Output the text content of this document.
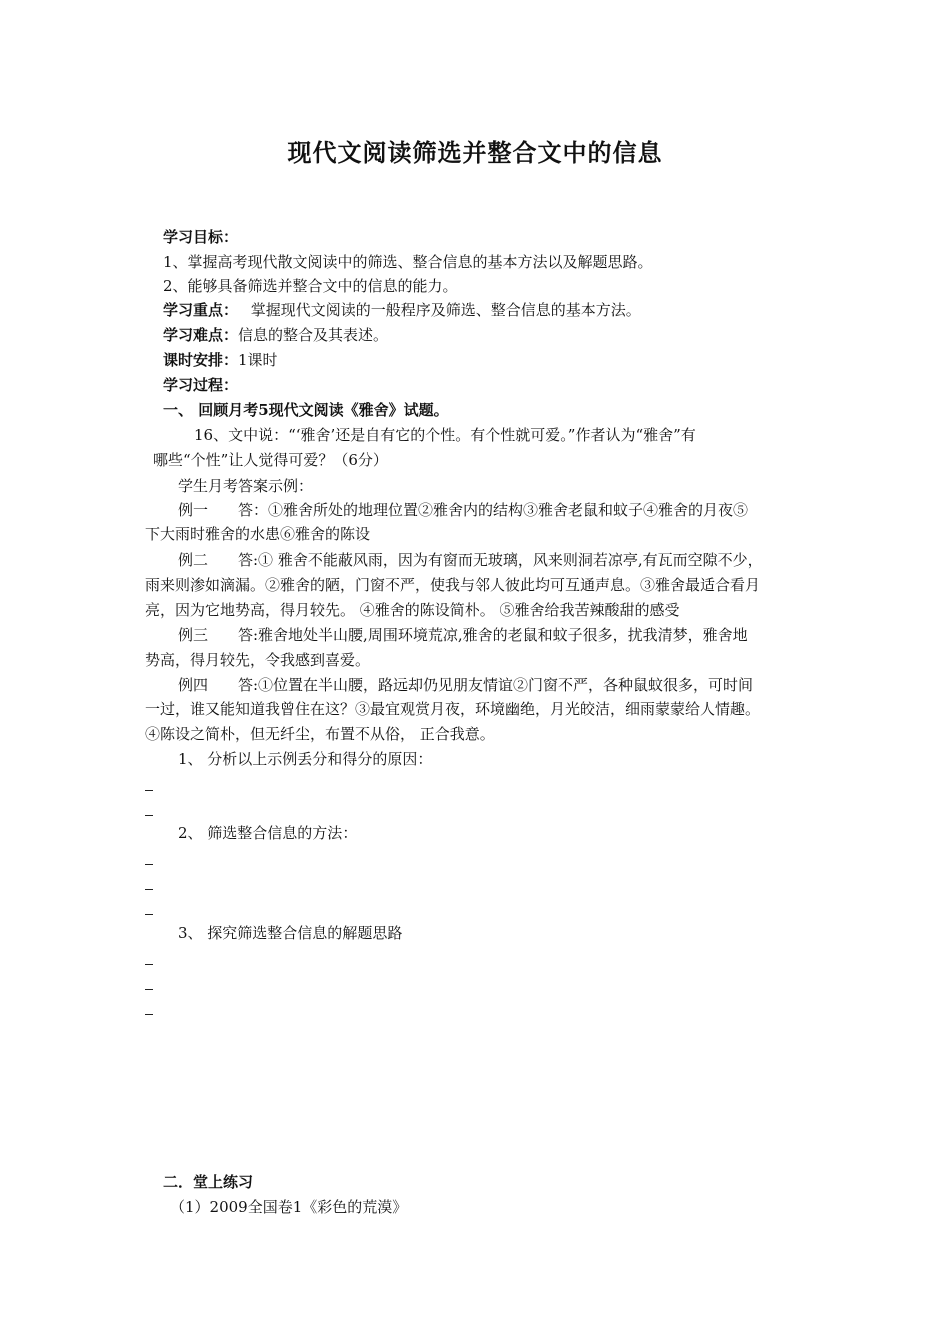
现代文阅读筛选并整合文中的信息
学习目标：
1、掌握高考现代散文阅读中的筛选、整合信息的基本方法以及解题思路。
2、能够具备筛选并整合文中的信息的能力。
学习重点： 掌握现代文阅读的一般程序及筛选、整合信息的基本方法。
学习难点：信息的整合及其表述。
课时安排：1课时
学习过程：
一、 回顾月考5现代文阅读《雅舍》试题。
16、文中说：“‘雅舍’还是自有它的个性。有个性就可爱。”作者认为“雅舍”有
哪些“个性”让人觉得可爱？（6分）
学生月考答案示例：
例一　　答：①雅舍所处的地理位置②雅舍内的结构③雅舍老鼠和蚊子④雅舍的月夜⑤
下大雨时雅舍的水患⑥雅舍的陈设
例二　　答:① 雅舍不能蔽风雨，因为有窗而无玻璃，风来则洞若凉亭,有瓦而空隙不少，
雨来则渗如滴漏。②雅舍的陋，门窗不严，使我与邻人彼此均可互通声息。③雅舍最适合看月
亮，因为它地势高，得月较先。 ④雅舍的陈设简朴。 ⑤雅舍给我苦辣酸甜的感受
例三　　答:雅舍地处半山腰,周围环境荒凉,雅舍的老鼠和蚊子很多，扰我清梦，雅舍地
势高，得月较先，令我感到喜爱。
例四　　答:①位置在半山腰，路远却仍见朋友情谊②门窗不严，各种鼠蚊很多，可时间
一过，谁又能知道我曾住在这？③最宜观赏月夜，环境幽绝，月光皎洁，细雨蒙蒙给人情趣。
④陈设之简朴，但无纤尘，布置不从俗， 正合我意。
1、 分析以上示例丢分和得分的原因：
2、 筛选整合信息的方法：
3、 探究筛选整合信息的解题思路
二．堂上练习
（1）2009全国卷1《彩色的荒漠》
